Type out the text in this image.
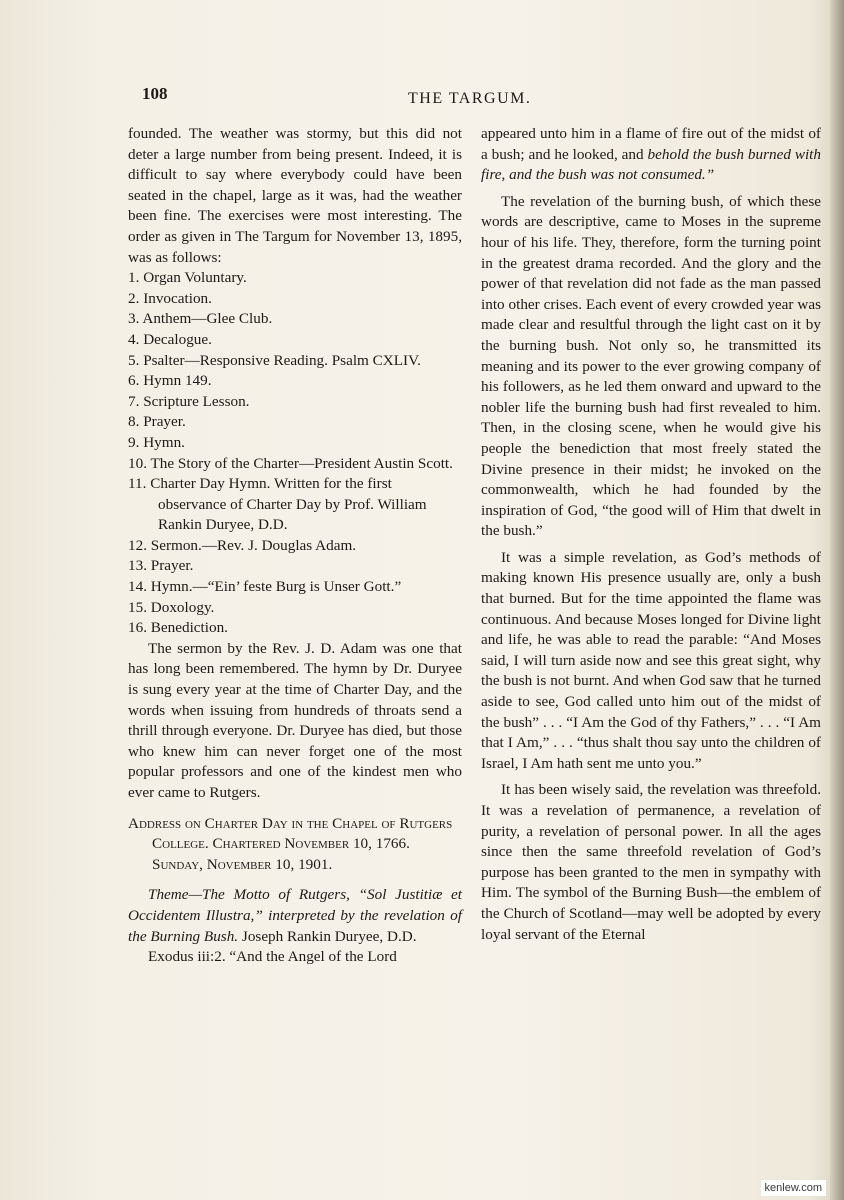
108	THE TARGUM.

founded. The weather was stormy, but this did not deter a large number from being present. Indeed, it is difficult to say where everybody could have been seated in the chapel, large as it was, had the weather been fine. The exercises were most interesting. The order as given in The Targum for November 13, 1895, was as follows:

1. Organ Voluntary.
2. Invocation.
3. Anthem—Glee Club.
4. Decalogue.
5. Psalter—Responsive Reading. Psalm CXLIV.
6. Hymn 149.
7. Scripture Lesson.
8. Prayer.
9. Hymn.
10. The Story of the Charter—President Austin Scott.
11. Charter Day Hymn. Written for the first observance of Charter Day by Prof. William Rankin Duryee, D.D.
12. Sermon.—Rev. J. Douglas Adam.
13. Prayer.
14. Hymn.—“Ein’ feste Burg is Unser Gott.”
15. Doxology.
16. Benediction.

The sermon by the Rev. J. D. Adam was one that has long been remembered. The hymn by Dr. Duryee is sung every year at the time of Charter Day, and the words when issuing from hundreds of throats send a thrill through everyone. Dr. Duryee has died, but those who knew him can never forget one of the most popular professors and one of the kindest men who ever came to Rutgers.

Address on Charter Day in the Chapel of Rutgers College. Chartered November 10, 1766. Sunday, November 10, 1901.

Theme—The Motto of Rutgers, “Sol Justitiæ et Occidentem Illustra,” interpreted by the revelation of the Burning Bush. Joseph Rankin Duryee, D.D.

Exodus iii:2. “And the Angel of the Lord

appeared unto him in a flame of fire out of the midst of a bush; and he looked, and behold the bush burned with fire, and the bush was not consumed.”

The revelation of the burning bush, of which these words are descriptive, came to Moses in the supreme hour of his life. They, therefore, form the turning point in the greatest drama recorded. And the glory and the power of that revelation did not fade as the man passed into other crises. Each event of every crowded year was made clear and resultful through the light cast on it by the burning bush. Not only so, he transmitted its meaning and its power to the ever growing company of his followers, as he led them onward and upward to the nobler life the burning bush had first revealed to him. Then, in the closing scene, when he would give his people the benediction that most freely stated the Divine presence in their midst; he invoked on the commonwealth, which he had founded by the inspiration of God, “the good will of Him that dwelt in the bush.”

It was a simple revelation, as God’s methods of making known His presence usually are, only a bush that burned. But for the time appointed the flame was continuous. And because Moses longed for Divine light and life, he was able to read the parable: “And Moses said, I will turn aside now and see this great sight, why the bush is not burnt. And when God saw that he turned aside to see, God called unto him out of the midst of the bush” . . . “I Am the God of thy Fathers,” . . . “I Am that I Am,” . . . “thus shalt thou say unto the children of Israel, I Am hath sent me unto you.”

It has been wisely said, the revelation was threefold. It was a revelation of permanence, a revelation of purity, a revelation of personal power. In all the ages since then the same threefold revelation of God’s purpose has been granted to the men in sympathy with Him. The symbol of the Burning Bush—the emblem of the Church of Scotland—may well be adopted by every loyal servant of the Eternal

kenlew.com
